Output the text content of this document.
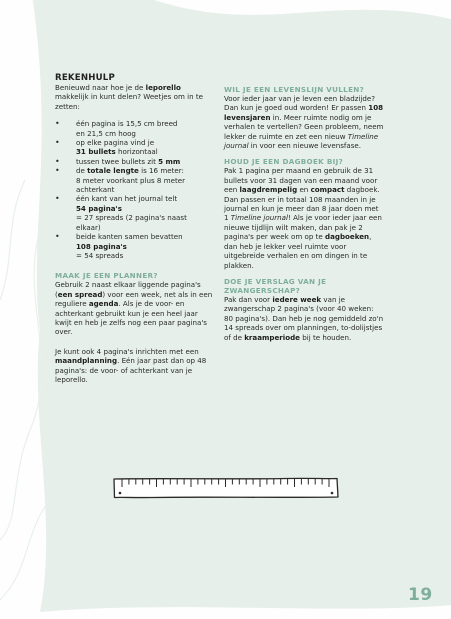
REKENHULP

Benieuwd naar hoe je de leporello makkelijk in kunt delen? Weetjes om in te zetten:

• één pagina is 15,5 cm breed
en 21,5 cm hoog
• op elke pagina vind je
31 bullets horizontaal
• tussen twee bullets zit 5 mm
• de totale lengte is 16 meter:
8 meter voorkant plus 8 meter
achterkant
• één kant van het journal telt
54 pagina's
= 27 spreads (2 pagina's naast
elkaar)
• beide kanten samen bevatten
108 pagina's
= 54 spreads
MAAK JE EEN PLANNER?

Gebruik 2 naast elkaar liggende pagina's (een spread) voor een week, net als in een reguliere agenda. Als je de voor- en achterkant gebruikt kun je een heel jaar kwijt en heb je zelfs nog een paar pagina's over.

Je kunt ook 4 pagina's inrichten met een maandplanning. Eén jaar past dan op 48 pagina's: de voor- of achterkant van je leporello.

WIL JE EEN LEVENSLIJN VULLEN?

Voor ieder jaar van je leven een bladzijde? Dan kun je goed oud worden! Er passen 108 levensjaren in. Meer ruimte nodig om je verhalen te vertellen? Geen probleem, neem lekker de ruimte en zet een nieuw Timeline journal in voor een nieuwe levensfase.

HOUD JE EEN DAGBOEK BIJ?

Pak 1 pagina per maand en gebruik de 31 bullets voor 31 dagen van een maand voor een laagdrempelig en compact dagboek. Dan passen er in totaal 108 maanden in je journal en kun je meer dan 8 jaar doen met 1 Timeline journal! Als je voor ieder jaar een nieuwe tijdlijn wilt maken, dan pak je 2 pagina's per week om op te dagboeken, dan heb je lekker veel ruimte voor uitgebreide verhalen en om dingen in te plakken.

DOE JE VERSLAG VAN JE
ZWANGERSCHAP?

Pak dan voor iedere week van je zwangerschap 2 pagina's (voor 40 weken: 80 pagina's). Dan heb je nog gemiddeld zo'n 14 spreads over om planningen, to-dolijstjes of de kraamperiode bij te houden.

19
